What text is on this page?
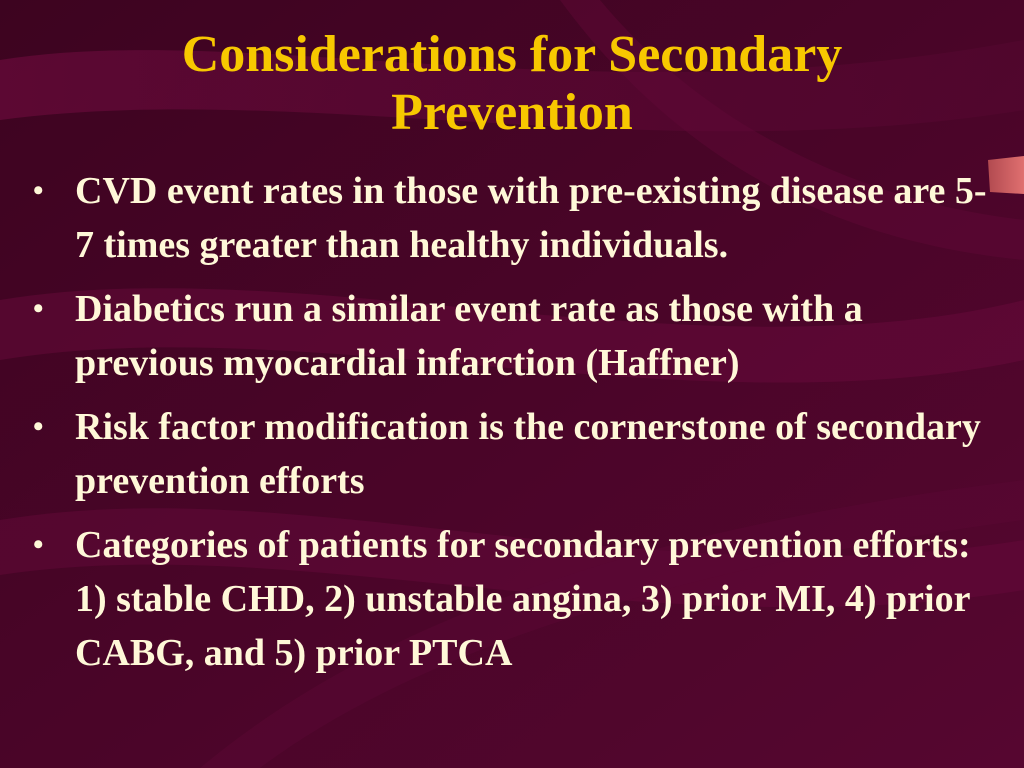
Considerations for Secondary
Prevention
• CVD event rates in those with pre-existing disease are 5-7 times greater than healthy individuals.
• Diabetics run a similar event rate as those with a previous myocardial infarction (Haffner)
• Risk factor modification is the cornerstone of secondary prevention efforts
• Categories of patients for secondary prevention efforts: 1) stable CHD, 2) unstable angina, 3) prior MI, 4) prior CABG, and 5) prior PTCA
